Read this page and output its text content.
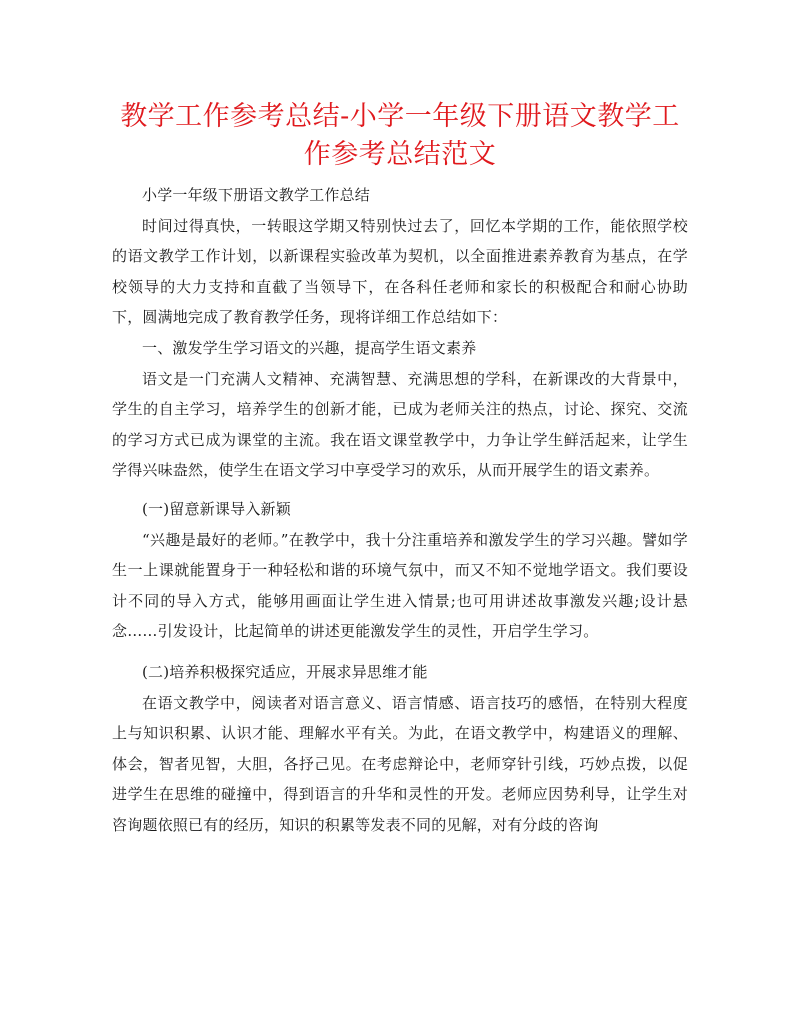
教学工作参考总结-小学一年级下册语文教学工作参考总结范文

小学一年级下册语文教学工作总结

时间过得真快，一转眼这学期又特别快过去了，回忆本学期的工作，能依照学校的语文教学工作计划，以新课程实验改革为契机，以全面推进素养教育为基点，在学校领导的大力支持和直截了当领导下，在各科任老师和家长的积极配合和耐心协助下，圆满地完成了教育教学任务，现将详细工作总结如下：

一、激发学生学习语文的兴趣，提高学生语文素养

语文是一门充满人文精神、充满智慧、充满思想的学科，在新课改的大背景中，学生的自主学习，培养学生的创新才能，已成为老师关注的热点，讨论、探究、交流的学习方式已成为课堂的主流。我在语文课堂教学中，力争让学生鲜活起来，让学生学得兴味盎然，使学生在语文学习中享受学习的欢乐，从而开展学生的语文素养。

(一)留意新课导入新颖

“兴趣是最好的老师。”在教学中，我十分注重培养和激发学生的学习兴趣。譬如学生一上课就能置身于一种轻松和谐的环境气氛中，而又不知不觉地学语文。我们要设计不同的导入方式，能够用画面让学生进入情景;也可用讲述故事激发兴趣;设计悬念……引发设计，比起简单的讲述更能激发学生的灵性，开启学生学习。

(二)培养积极探究适应，开展求异思维才能

在语文教学中，阅读者对语言意义、语言情感、语言技巧的感悟，在特别大程度上与知识积累、认识才能、理解水平有关。为此，在语文教学中，构建语义的理解、体会，智者见智，大胆，各抒己见。在考虑辩论中，老师穿针引线，巧妙点拨，以促进学生在思维的碰撞中，得到语言的升华和灵性的开发。老师应因势利导，让学生对咨询题依照已有的经历，知识的积累等发表不同的见解，对有分歧的咨询
